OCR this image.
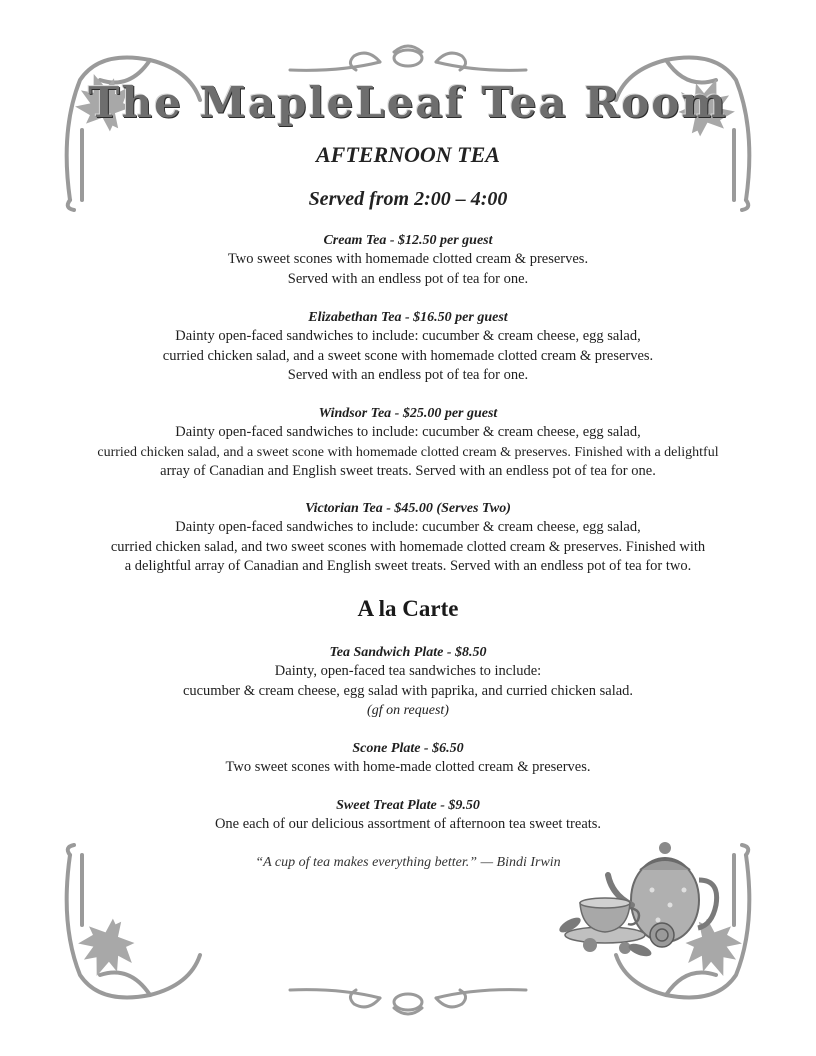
The MapleLeaf Tea Room
AFTERNOON TEA
Served from 2:00 – 4:00
Cream Tea - $12.50 per guest
Two sweet scones with homemade clotted cream & preserves.
Served with an endless pot of tea for one.
Elizabethan Tea - $16.50 per guest
Dainty open-faced sandwiches to include: cucumber & cream cheese, egg salad,
curried chicken salad, and a sweet scone with homemade clotted cream & preserves.
Served with an endless pot of tea for one.
Windsor Tea - $25.00 per guest
Dainty open-faced sandwiches to include: cucumber & cream cheese, egg salad,
curried chicken salad, and a sweet scone with homemade clotted cream & preserves. Finished with a delightful
array of Canadian and English sweet treats. Served with an endless pot of tea for one.
Victorian Tea - $45.00 (Serves Two)
Dainty open-faced sandwiches to include: cucumber & cream cheese, egg salad,
curried chicken salad, and two sweet scones with homemade clotted cream & preserves. Finished with
a delightful array of Canadian and English sweet treats. Served with an endless pot of tea for two.
A la Carte
Tea Sandwich Plate - $8.50
Dainty, open-faced tea sandwiches to include:
cucumber & cream cheese, egg salad with paprika, and curried chicken salad.
(gf on request)
Scone Plate - $6.50
Two sweet scones with home-made clotted cream & preserves.
Sweet Treat Plate - $9.50
One each of our delicious assortment of afternoon tea sweet treats.
“A cup of tea makes everything better.” — Bindi Irwin
